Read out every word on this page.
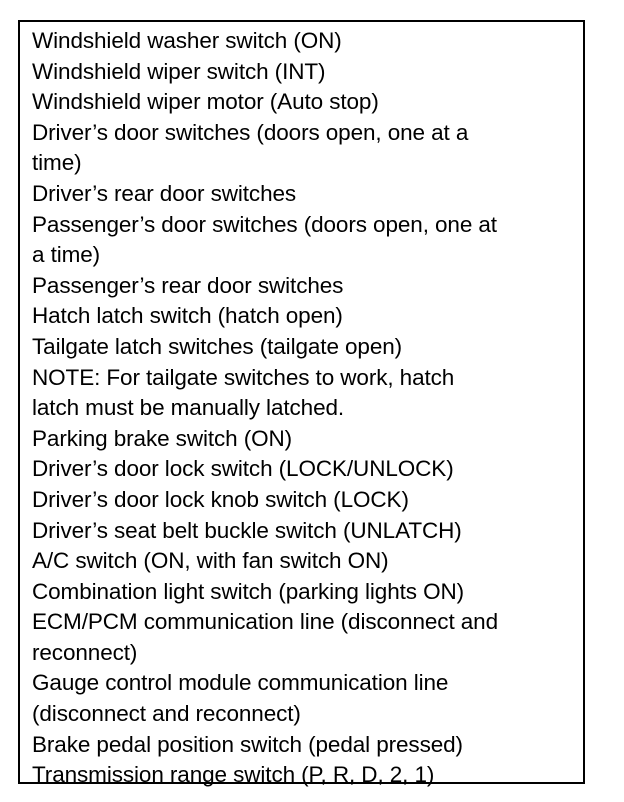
Windshield washer switch (ON)
Windshield wiper switch (INT)
Windshield wiper motor (Auto stop)
Driver’s door switches (doors open, one at a
time)
Driver’s rear door switches
Passenger’s door switches (doors open, one at
a time)
Passenger’s rear door switches
Hatch latch switch (hatch open)
Tailgate latch switches (tailgate open)
NOTE: For tailgate switches to work, hatch
latch must be manually latched.
Parking brake switch (ON)
Driver’s door lock switch (LOCK/UNLOCK)
Driver’s door lock knob switch (LOCK)
Driver’s seat belt buckle switch (UNLATCH)
A/C switch (ON, with fan switch ON)
Combination light switch (parking lights ON)
ECM/PCM communication line (disconnect and
reconnect)
Gauge control module communication line
(disconnect and reconnect)
Brake pedal position switch (pedal pressed)
Transmission range switch (P, R, D, 2, 1)
